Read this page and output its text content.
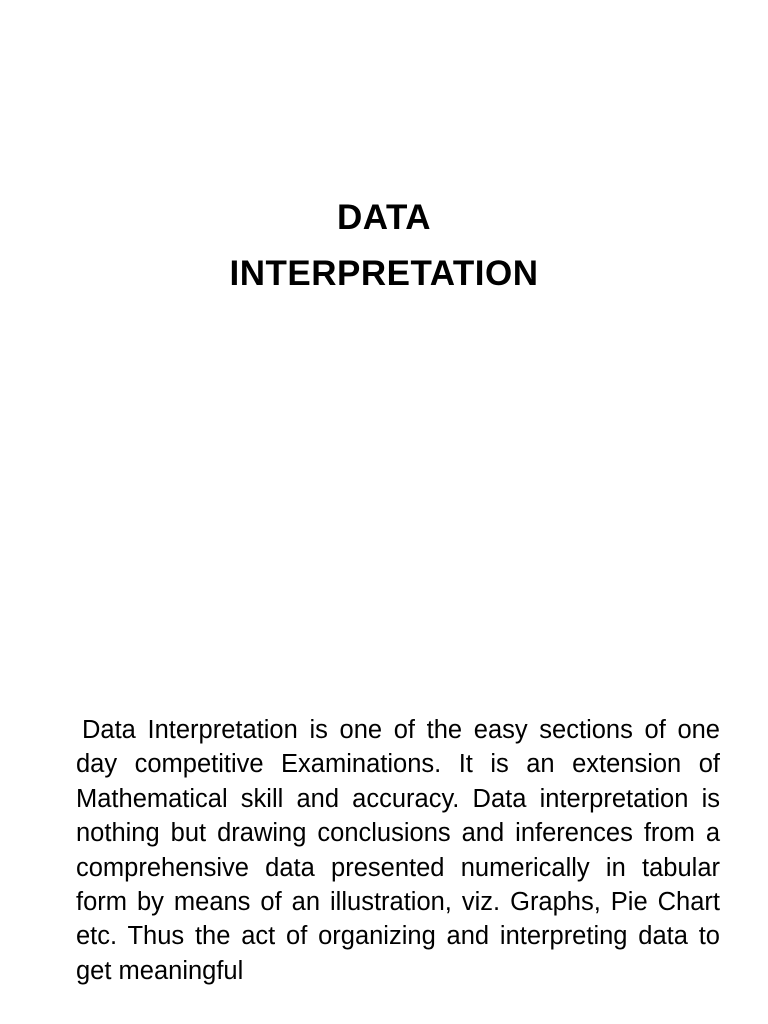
DATA
INTERPRETATION

Data Interpretation is one of the easy sections of one day competitive Examinations. It is an extension of Mathematical skill and accuracy. Data interpretation is nothing but drawing conclusions and inferences from a comprehensive data presented numerically in tabular form by means of an illustration, viz. Graphs, Pie Chart etc. Thus the act of organizing and interpreting data to get meaningful
